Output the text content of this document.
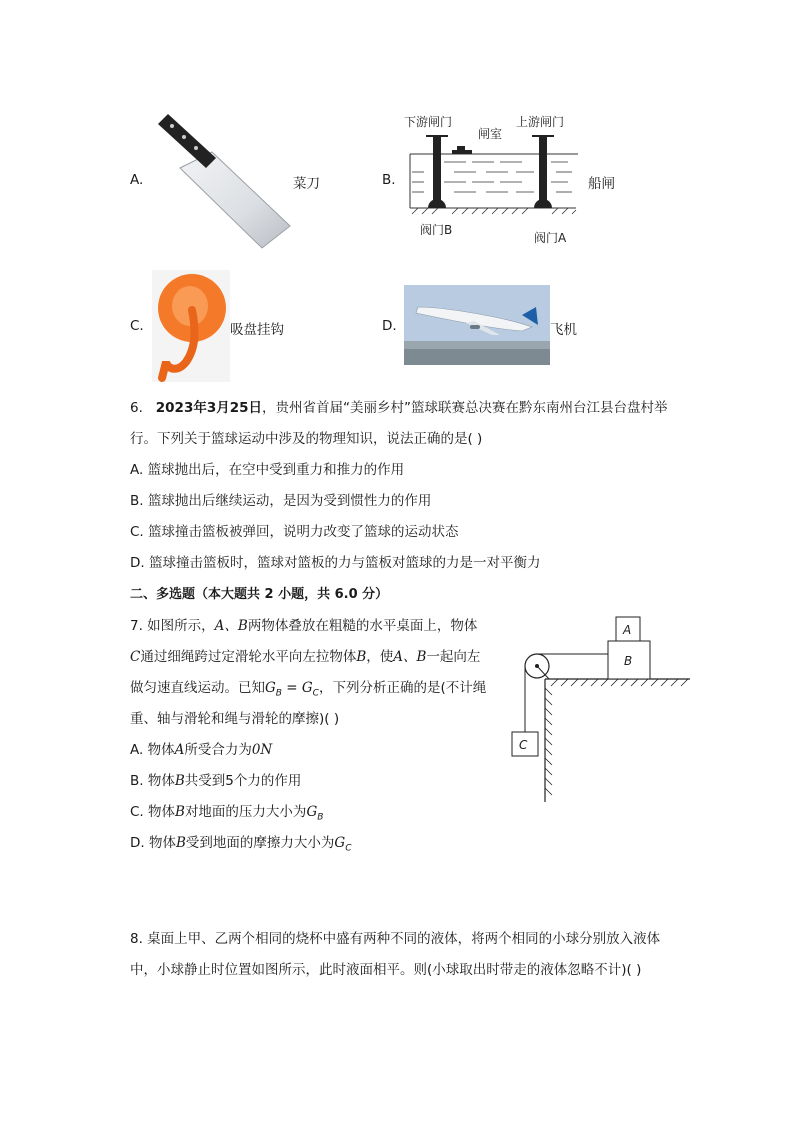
A.	菜刀	B.
下游闸门
闸室
上游闸门
阀门B
阀门A
船闸
C.	吸盘挂钩	D.	飞机
6. 2023年3月25日，贵州省首届“美丽乡村”篮球联赛总决赛在黔东南州台江县台盘村举
行。下列关于篮球运动中涉及的物理知识，说法正确的是( )
A. 篮球抛出后，在空中受到重力和推力的作用
B. 篮球抛出后继续运动，是因为受到惯性力的作用
C. 篮球撞击篮板被弹回，说明力改变了篮球的运动状态
D. 篮球撞击篮板时，篮球对篮板的力与篮板对篮球的力是一对平衡力
二、多选题（本大题共 2 小题，共 6.0 分）
7. 如图所示，A、B两物体叠放在粗糙的水平桌面上，物体
C通过细绳跨过定滑轮水平向左拉物体B，使A、B一起向左
做匀速直线运动。已知$G_B = G_C$，下列分析正确的是(不计绳
重、轴与滑轮和绳与滑轮的摩擦)( )
A. 物体A所受合力为0N
B. 物体B共受到5个力的作用
C. 物体B对地面的压力大小为$G_B$
D. 物体B受到地面的摩擦力大小为$G_C$
A
B
C
8. 桌面上甲、乙两个相同的烧杯中盛有两种不同的液体，将两个相同的小球分别放入液体
中，小球静止时位置如图所示，此时液面相平。则(小球取出时带走的液体忽略不计)( )
